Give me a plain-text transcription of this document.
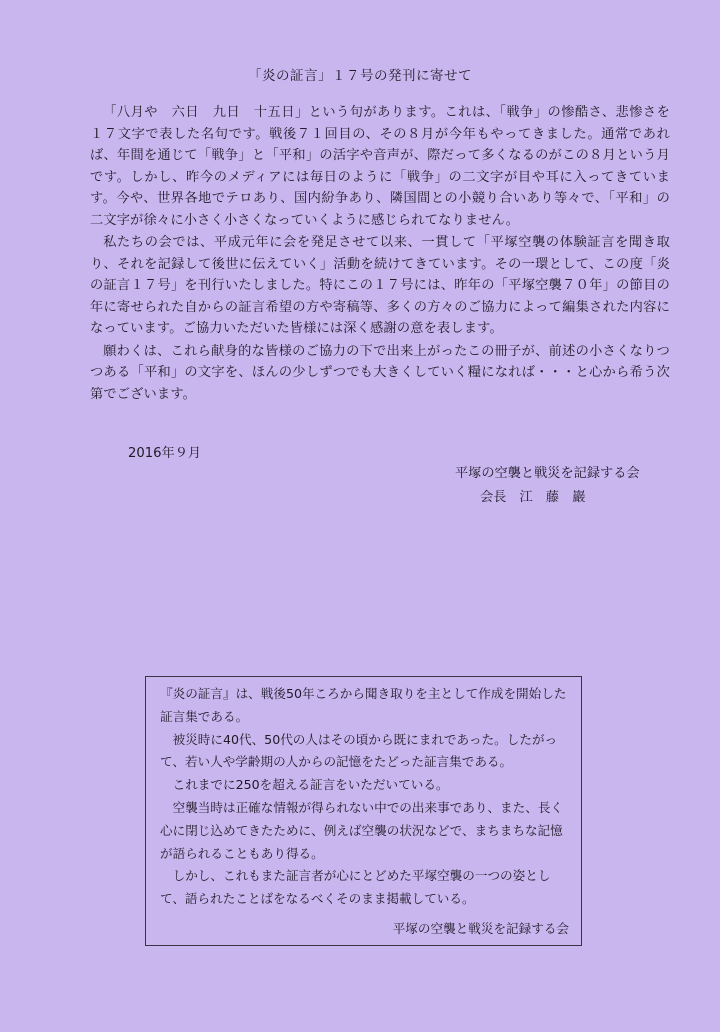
「炎の証言」１７号の発刊に寄せて

「八月や　六日　九日　十五日」という句があります。これは、「戦争」の惨酷さ、悲惨さを１７文字で表した名句です。戦後７１回目の、その８月が今年もやってきました。通常であれば、年間を通じて「戦争」と「平和」の活字や音声が、際だって多くなるのがこの８月という月です。しかし、昨今のメディアには毎日のように「戦争」の二文字が目や耳に入ってきています。今や、世界各地でテロあり、国内紛争あり、隣国間との小競り合いあり等々で、「平和」の二文字が徐々に小さく小さくなっていくように感じられてなりません。

私たちの会では、平成元年に会を発足させて以来、一貫して「平塚空襲の体験証言を聞き取り、それを記録して後世に伝えていく」活動を続けてきています。その一環として、この度「炎の証言１７号」を刊行いたしました。特にこの１７号には、昨年の「平塚空襲７０年」の節目の年に寄せられた自からの証言希望の方や寄稿等、多くの方々のご協力によって編集された内容になっています。ご協力いただいた皆様には深く感謝の意を表します。

願わくは、これら献身的な皆様のご協力の下で出来上がったこの冊子が、前述の小さくなりつつある「平和」の文字を、ほんの少しずつでも大きくしていく糧になれば・・・と心から希う次第でございます。

2016年９月
平塚の空襲と戦災を記録する会
会長　江　藤　巖

『炎の証言』は、戦後50年ころから聞き取りを主として作成を開始した証言集である。

被災時に40代、50代の人はその頃から既にまれであった。したがって、若い人や学齢期の人からの記憶をたどった証言集である。

これまでに250を超える証言をいただいている。

空襲当時は正確な情報が得られない中での出来事であり、また、長く心に閉じ込めてきたために、例えば空襲の状況などで、まちまちな記憶が語られることもあり得る。

しかし、これもまた証言者が心にとどめた平塚空襲の一つの姿として、語られたことばをなるべくそのまま掲載している。

平塚の空襲と戦災を記録する会
